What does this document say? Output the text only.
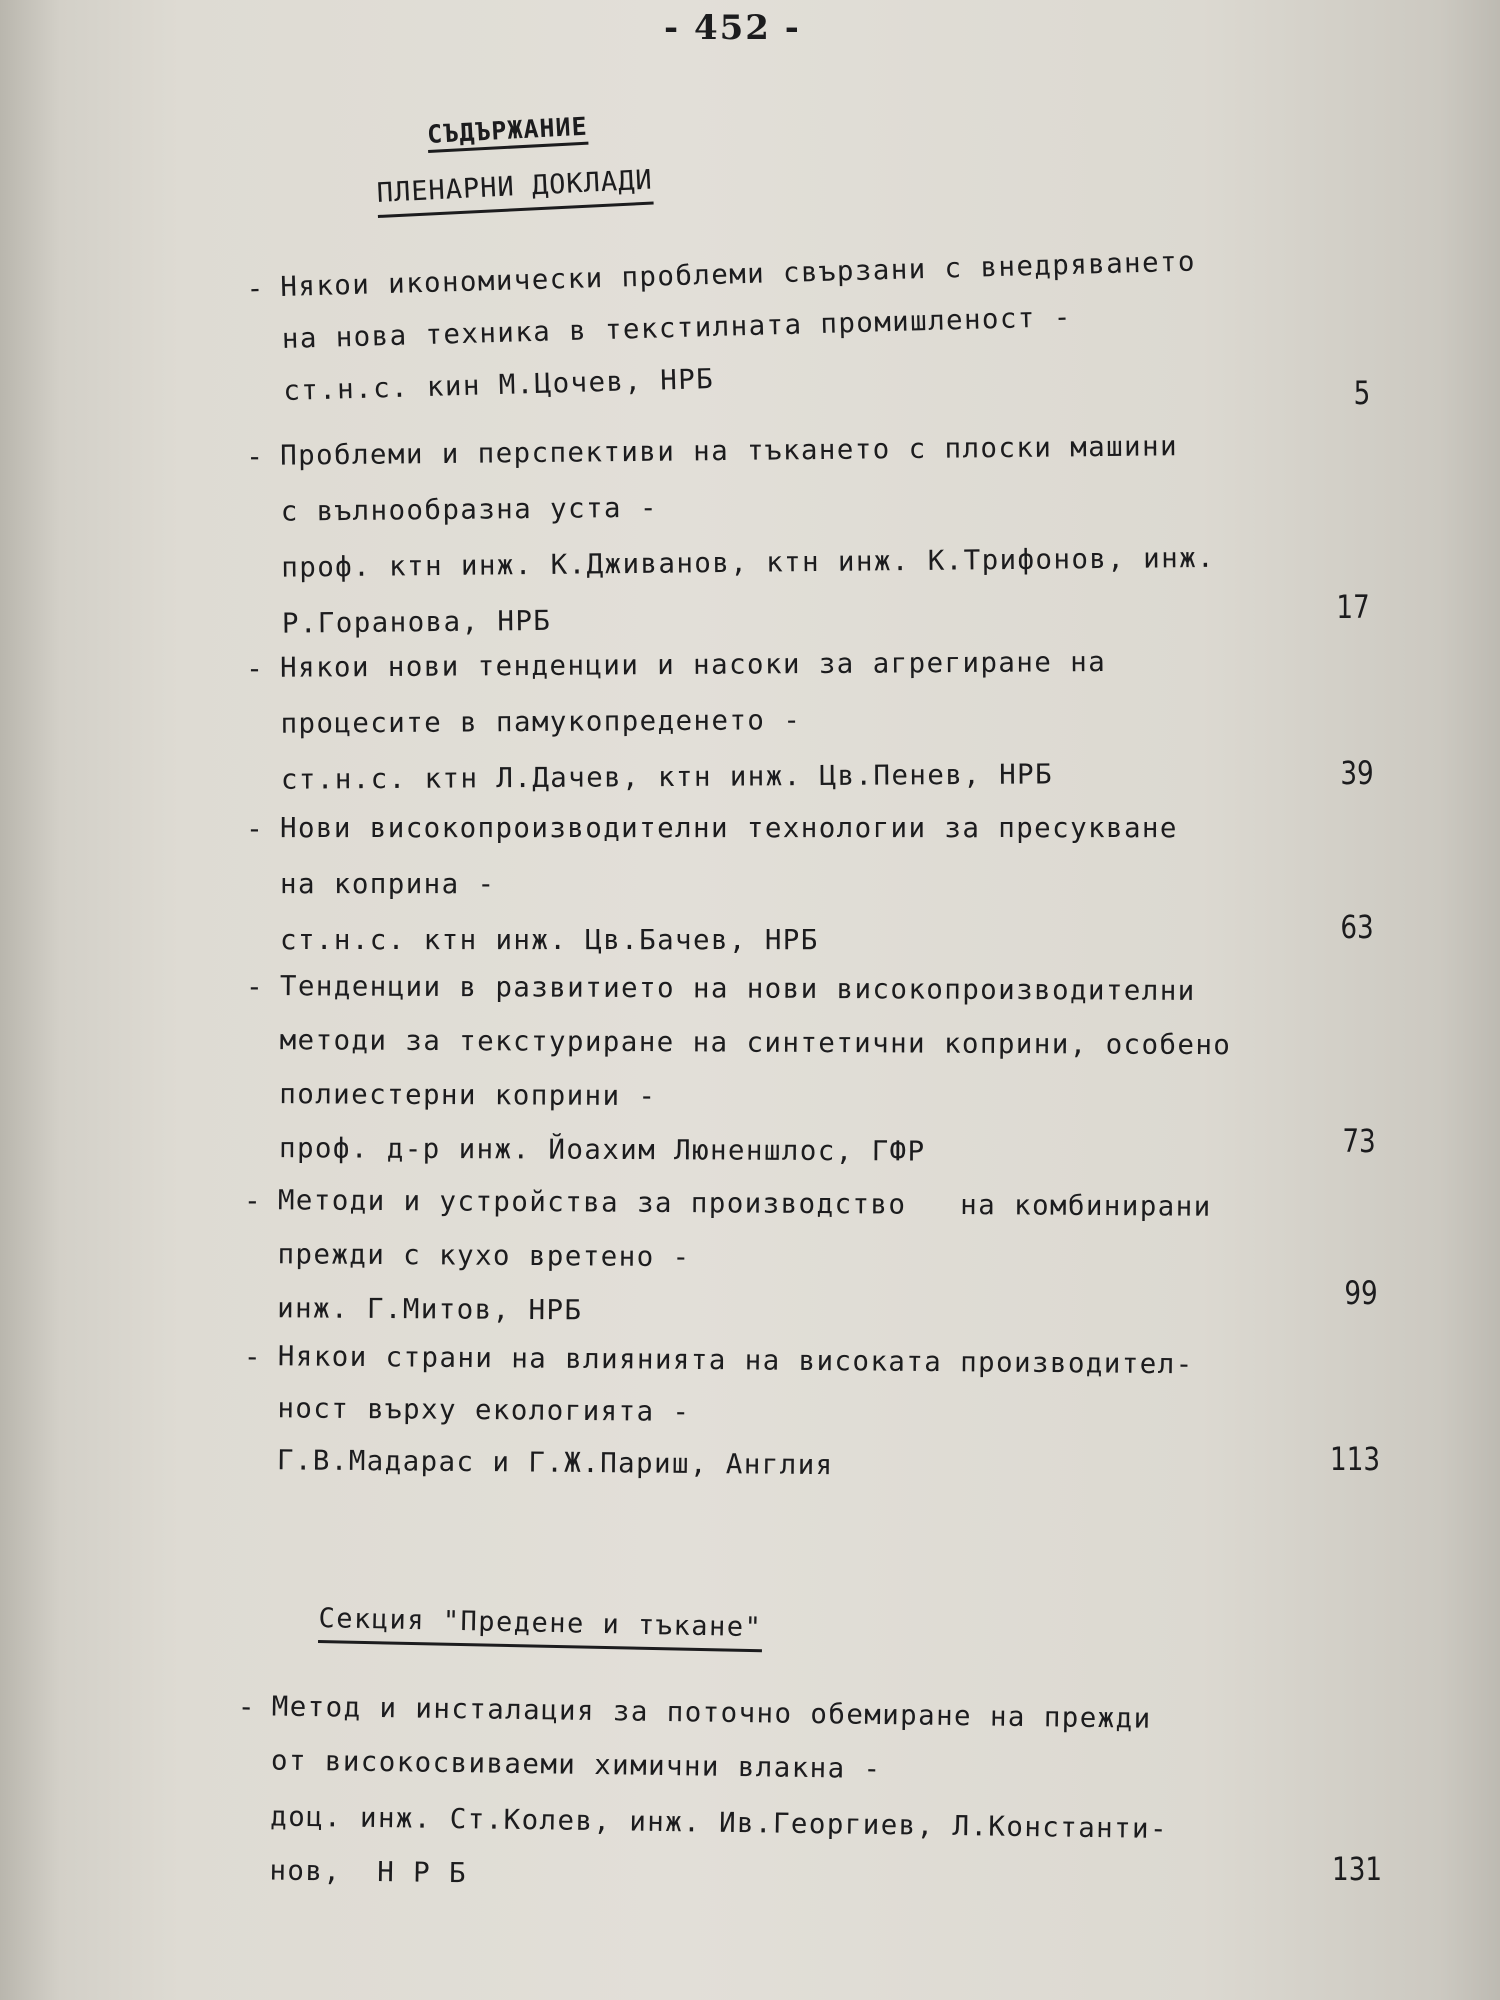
- 452 -
СЪДЪРЖАНИЕ
ПЛЕНАРНИ ДОКЛАДИ
- Някои икономически проблеми свързани с внедряването
на нова техника в текстилната промишленост -
ст.н.с. кин М.Цочев, НРБ	5
- Проблеми и перспективи на тъкането с плоски машини
с вълнообразна уста -
проф. ктн инж. К.Дживанов, ктн инж. К.Трифонов, инж.
Р.Горанова, НРБ	17
- Някои нови тенденции и насоки за агрегиране на
процесите в памукопреденето -
ст.н.с. ктн Л.Дачев, ктн инж. Цв.Пенев, НРБ	39
- Нови високопроизводителни технологии за пресукване
на коприна -
ст.н.с. ктн инж. Цв.Бачев, НРБ	63
- Тенденции в развитието на нови високопроизводителни
методи за текстуриране на синтетични коприни, особено
полиестерни коприни -
проф. д-р инж. Йоахим Люненшлос, ГФР	73
- Методи и устройства за производство   на комбинирани
прежди с кухо вретено -
инж. Г.Митов, НРБ	99
- Някои страни на влиянията на високата производител-
ност върху екологията -
Г.В.Мадарас и Г.Ж.Париш, Англия	113
- Метод и инсталация за поточно обемиране на прежди
от високосвиваеми химични влакна -
доц. инж. Ст.Колев, инж. Ив.Георгиев, Л.Константи-
нов,  Н Р Б	131
Секция "Предене и тъкане"
